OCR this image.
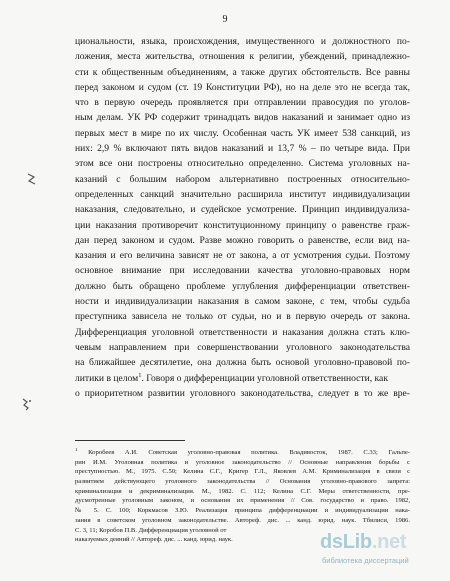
9
циональности, языка, происхождения, имущественного и должностного по-
ложения, места жительства, отношения к религии, убеждений, принадлежно-
сти к общественным объединениям, а также других обстоятельств. Все равны
перед законом и судом (ст. 19 Конституции РФ), но на деле это не всегда так,
что в первую очередь проявляется при отправлении правосудия по уголов-
ным делам. УК РФ содержит тринадцать видов наказаний и занимает одно из
первых мест в мире по их числу. Особенная часть УК имеет 538 санкций, из
них: 2,9 % включают пять видов наказаний и 13,7 % – по четыре вида. При
этом все они построены относительно определенно. Система уголовных на-
казаний с большим набором альтернативно построенных относительно-
определенных санкций значительно расширила институт индивидуализации
наказания, следовательно, и судейское усмотрение. Принцип индивидуализа-
ции наказания противоречит конституционному принципу о равенстве граж-
дан перед законом и судом. Разве можно говорить о равенстве, если вид на-
казания и его величина зависят не от закона, а от усмотрения судьи. Поэтому
основное внимание при исследовании качества уголовно-правовых норм
должно быть обращено проблеме углубления дифференциации ответствен-
ности и индивидуализации наказания в самом законе, с тем, чтобы судьба
преступника зависела не только от судьи, но и в первую очередь от закона.
Дифференциация уголовной ответственности и наказания должна стать клю-
чевым направлением при совершенствовании уголовного законодательства
на ближайшее десятилетие, она должна быть основой уголовно-правовой по-
литики в целом$^1$. Говоря о дифференциации уголовной ответственности, как
о приоритетном развитии уголовного законодательства, следует в то же вре-
$^1$ Коробеев А.И. Советская уголовно-правовая политика. Владивосток, 1987. С.33; Гальпе-
рин И.М. Уголовная политика и уголовное законодательство // Основные направления борьбы с
преступностью. М., 1975. С.50; Келина С.Г., Кригер Г.Л., Яковлев А.М. Криминализация в связи с
развитием действующего уголовного законодательства // Основания уголовно-правового запрета:
криминализация и декриминализация. М., 1982. С. 112; Келина С.Г. Меры ответственности, пре-
дусмотренные уголовным законом, и основания их применения // Сов. государство и право. 1982,
№ 5. С. 100; Коркмасов З.Ю. Реализация принципа дифференциации и индивидуализации нака-
зания в советском уголовном законодательстве. Автореф. дис. ... канд. юрид. наук. Тбилиси, 1986.
С. 3, 11; Коробов П.В. Дифференциация уголовной от
наказуемых деяний // Автореф. дис. ... канд. юрид. наук.	dsLib.net
библиотека диссертаций
